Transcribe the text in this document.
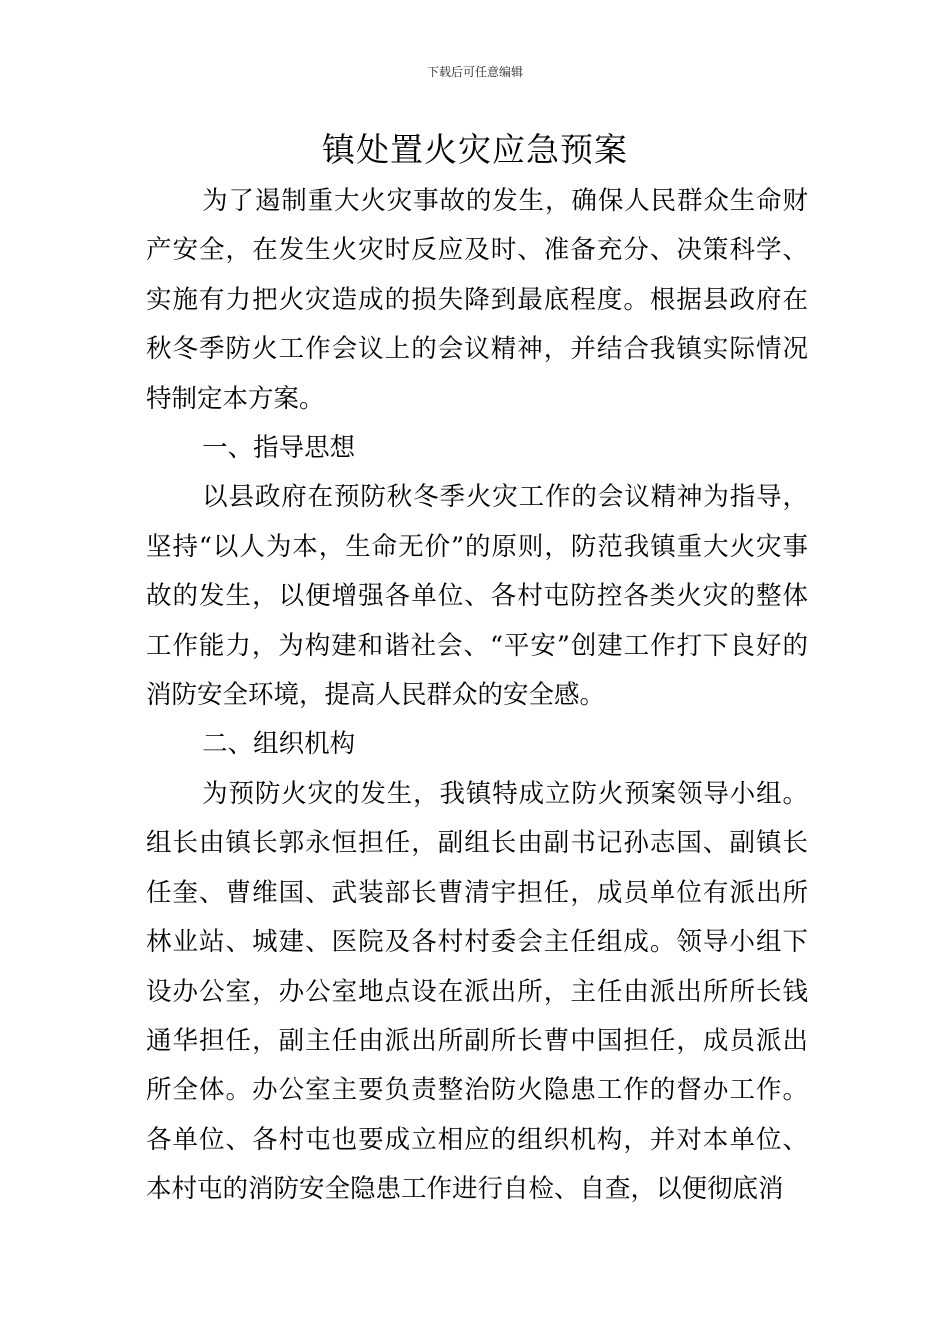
下载后可任意编辑
镇处置火灾应急预案

为了遏制重大火灾事故的发生，确保人民群众生命财产安全，在发生火灾时反应及时、准备充分、决策科学、实施有力把火灾造成的损失降到最底程度。根据县政府在秋冬季防火工作会议上的会议精神，并结合我镇实际情况特制定本方案。

一、指导思想

以县政府在预防秋冬季火灾工作的会议精神为指导，坚持“以人为本，生命无价”的原则，防范我镇重大火灾事故的发生，以便增强各单位、各村屯防控各类火灾的整体工作能力，为构建和谐社会、“平安”创建工作打下良好的消防安全环境，提高人民群众的安全感。

二、组织机构

为预防火灾的发生，我镇特成立防火预案领导小组。组长由镇长郭永恒担任，副组长由副书记孙志国、副镇长任奎、曹维国、武装部长曹清宇担任，成员单位有派出所林业站、城建、医院及各村村委会主任组成。领导小组下设办公室，办公室地点设在派出所，主任由派出所所长钱通华担任，副主任由派出所副所长曹中国担任，成员派出所全体。办公室主要负责整治防火隐患工作的督办工作。各单位、各村屯也要成立相应的组织机构，并对本单位、本村屯的消防安全隐患工作进行自检、自查，以便彻底消
